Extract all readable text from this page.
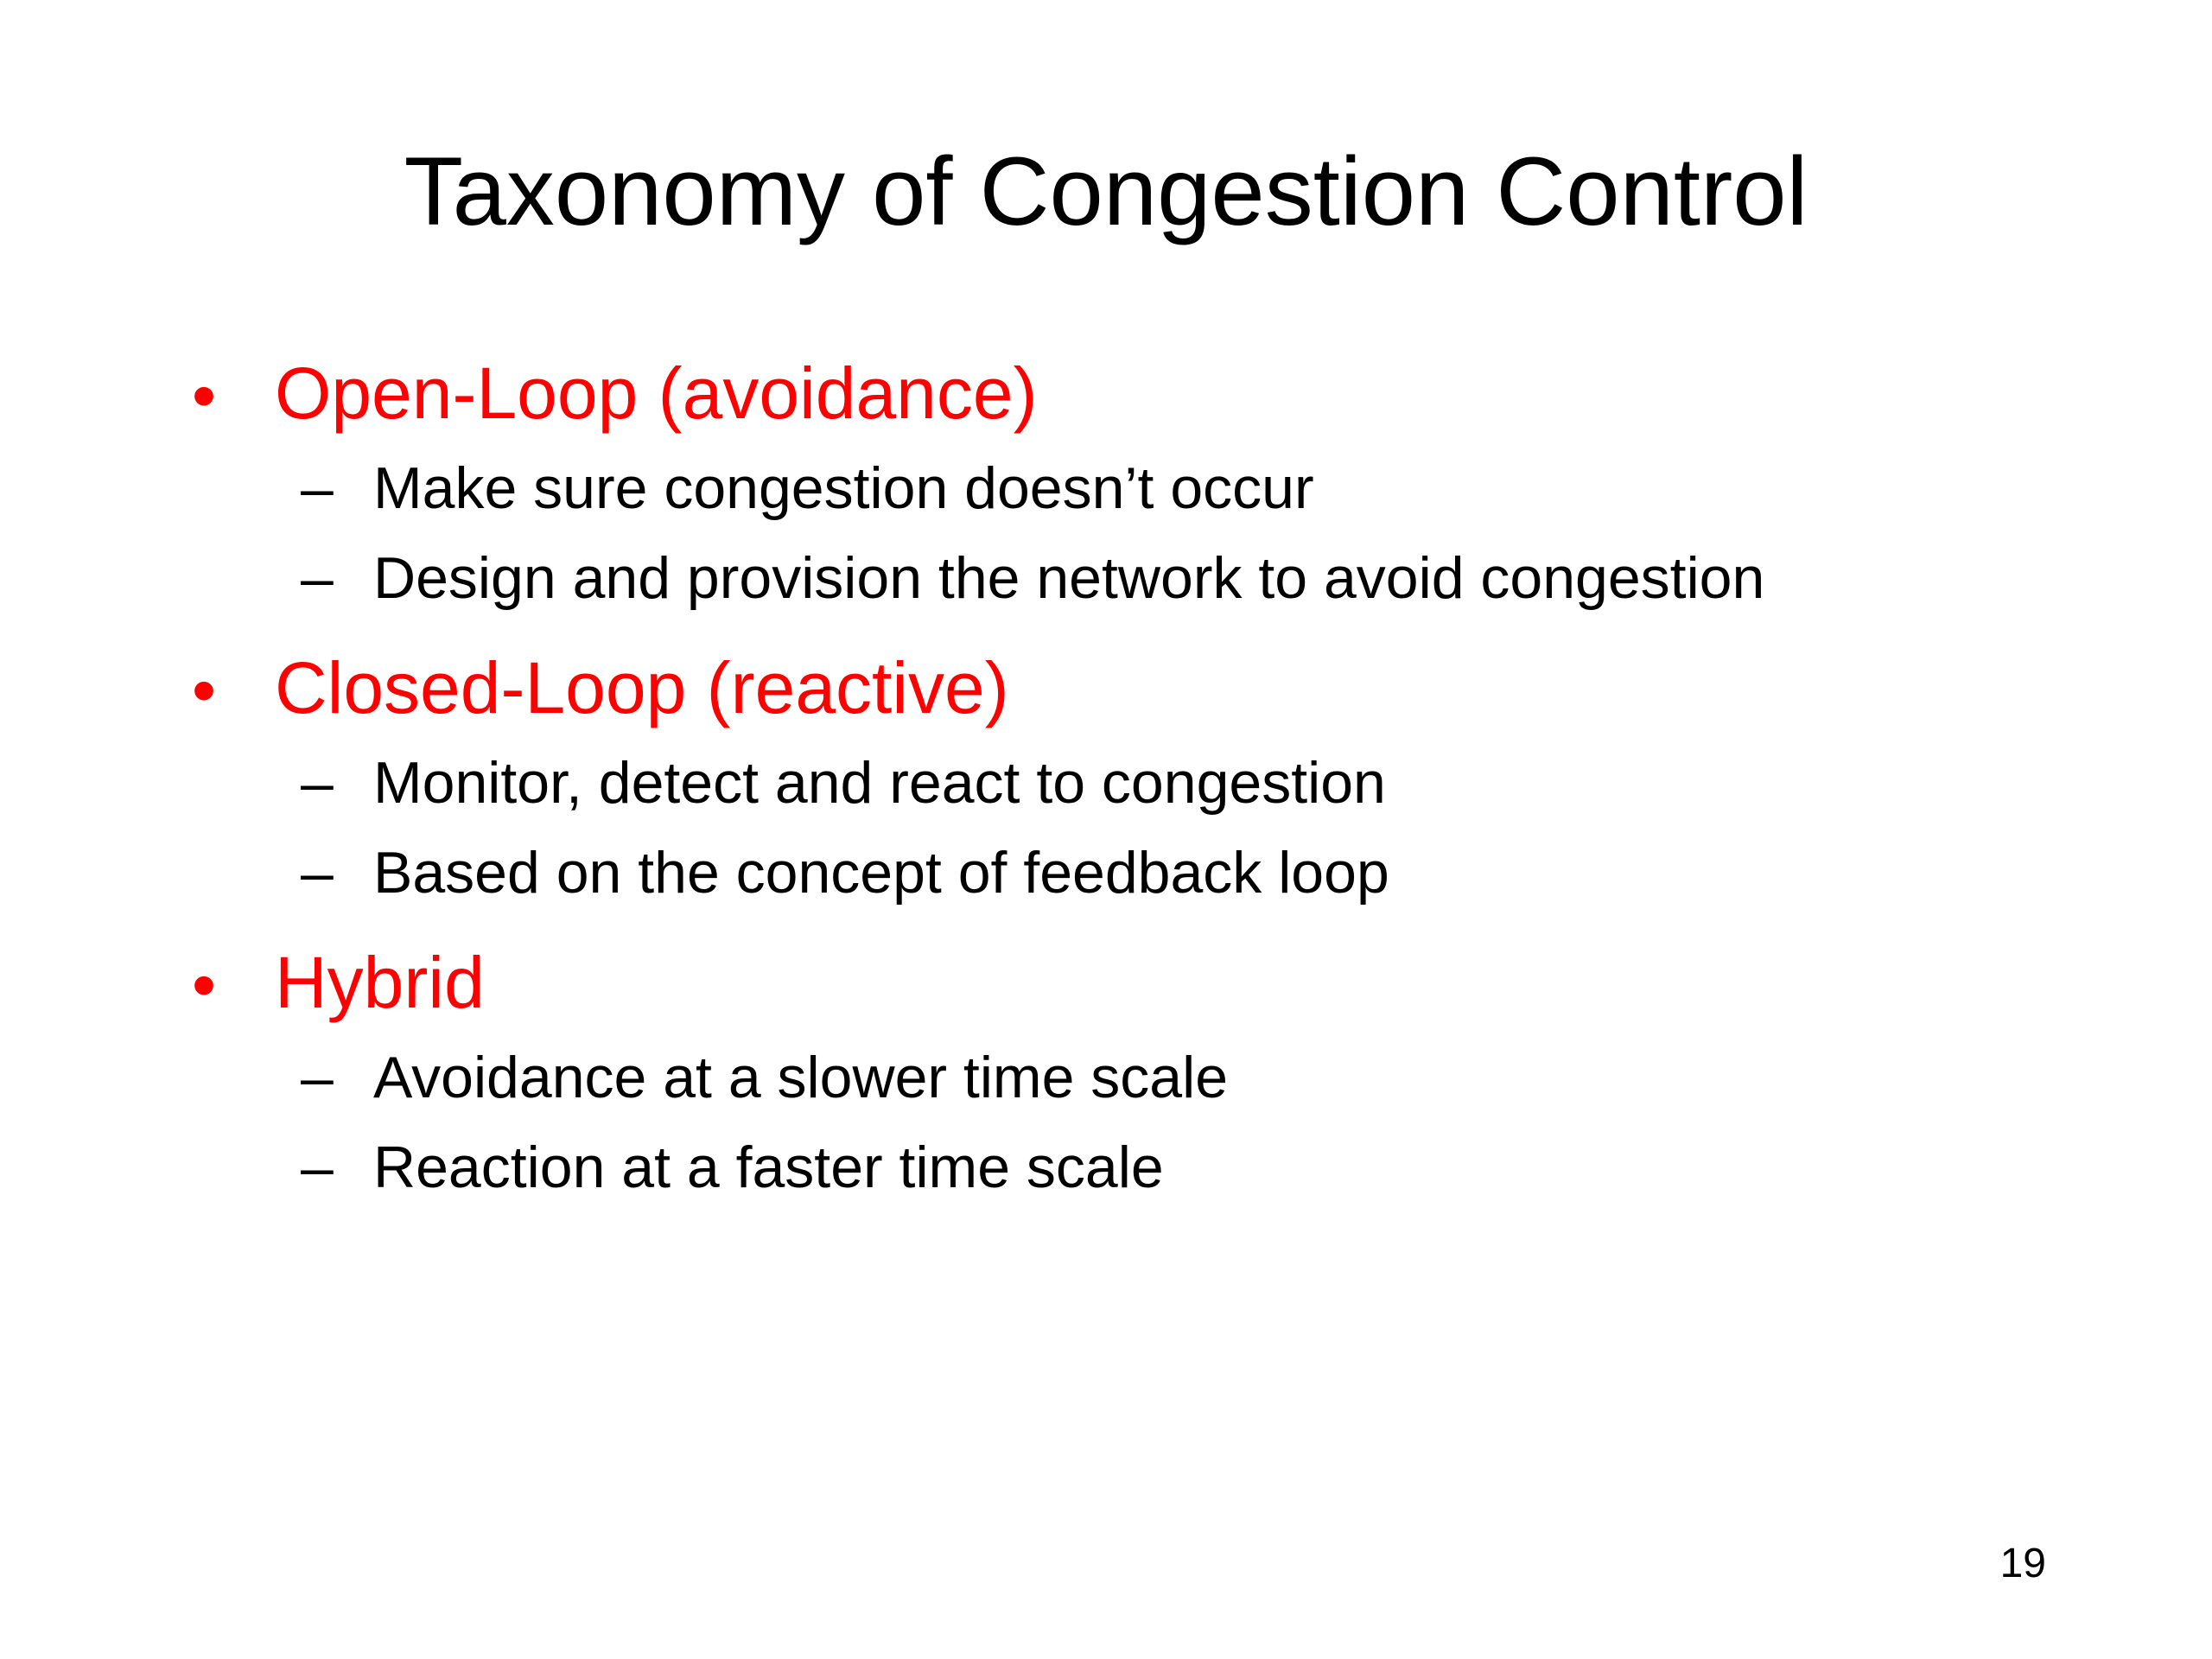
Taxonomy of Congestion Control
• Open-Loop (avoidance)
– Make sure congestion doesn’t occur
– Design and provision the network to avoid congestion
• Closed-Loop (reactive)
– Monitor, detect and react to congestion
– Based on the concept of feedback loop
• Hybrid
– Avoidance at a slower time scale
– Reaction at a faster time scale
19
